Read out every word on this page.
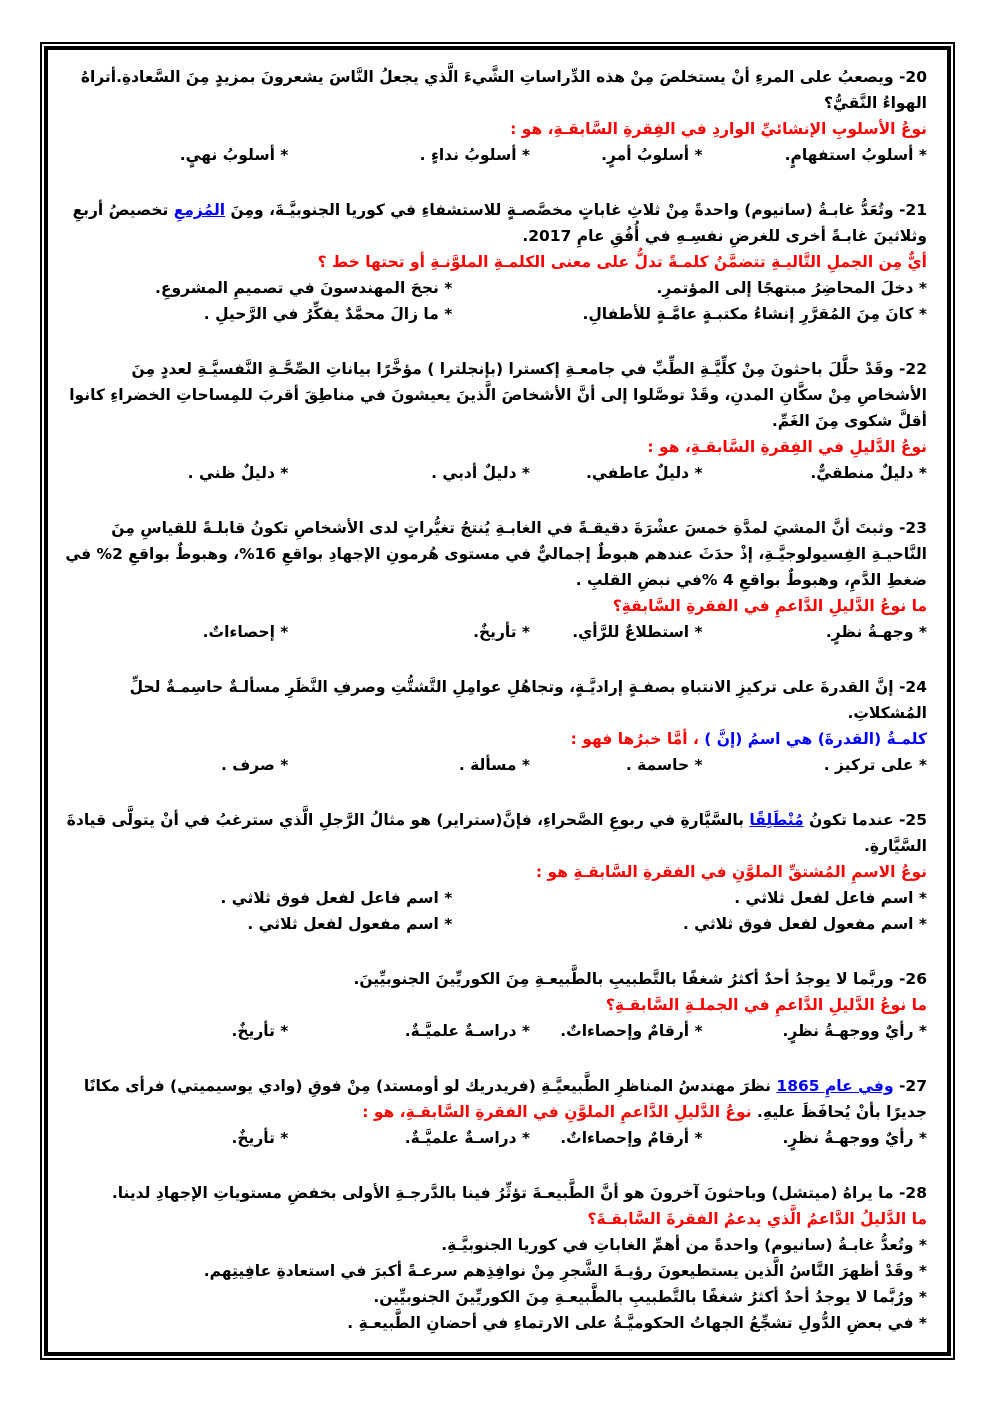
20- ويصعبُ على المرءِ أنْ يستخلصَ مِنْ هذه الدِّراساتِ الشَّيءَ الَّذي يجعلُ النَّاسَ يشعرونَ بمزيدٍ مِنَ السَّعادةِ.أتراهُ الهواءُ النَّقيُّ؟

نوعُ الأسلوبِ الإنشائيِّ الواردِ في الفِقرةِ السَّابقـةِ، هو :

* أسلوبُ استفهامٍ.
* أسلوبُ أمرٍ.
* أسلوبُ نداءٍ .
* أسلوبُ نهيٍ.

21- وتُعَدُّ غابـةُ (سانيوم) واحدةً مِنْ ثلاثِ غاباتٍ مخصَّصـةٍ للاستشفاءِ في كوريا الجنوبيَّـةَ، ومِنَ المُزمعِ تخصيصُ أربعِ وثلاثينَ غابـةً أخرى للغرضِ نفسِـهِ في أُفُقِ عامِ 2017.

أيٌّ مِن الجملِ التَّاليـةِ تتضمَّنُ كلمـةً تدلُّ على معنى الكلمـةِ الملوَّنـةِ أو تحتها خط ؟

* دخلَ المحاضِرُ مبتهجًا إلى المؤتمرِ.
* نجحَ المهندسونَ في تصميمِ المشروعِ.
* كانَ مِنَ المُقرَّرِ إنشاءُ مكتبـةٍ عامَّـةٍ للأطفالِ.
* ما زالَ محمَّدٌ يفكِّرُ في الرَّحيلِ .

22- وقَدْ حلَّلَ باحثونَ مِنْ كلِّيَّـةِ الطِّبِّ في جامعـةِ إكسترا (بإنجلترا ) مؤخَّرًا بياناتِ الصِّحَّـةِ النَّفسيَّـةِ لعددٍ مِنَ الأشخاصِ مِنْ سكَّانِ المدنِ، وقَدْ توصَّلوا إلى أنَّ الأشخاصَ الَّذينَ يعيشونَ في مناطِقَ أقربَ للمِساحاتِ الخضراءِ كانوا أقلَّ شكوى مِنَ الغَمِّ.

نوعُ الدَّليلِ في الفِقرةِ السَّابقـةِ، هو :

* دليلٌ منطقيٌّ.
* دليلٌ عاطفي.
* دليلٌ أدبي .
* دليلٌ ظني .

23- وثبتَ أنَّ المشيَ لمدَّةِ خمسَ عشْرَةَ دقيقـةً في الغابـةِ يُنتجُ تغيُّراتٍ لدى الأشخاصِ تكونُ قابلـةً للقياسِ مِنَ النَّاحيـةِ الفِسيولوجيَّـةِ، إذْ حدَثَ عندهم هبوطٌ إجماليٌّ في مستوى هُرمونِ الإجهادِ بواقعِ 16%، وهبوطٌ بواقعِ 2% في ضغطِ الدَّمِ، وهبوطٌ بواقعِ 4 %في نبضِ القلبِ .

ما نوعُ الدَّليلِ الدَّاعمِ في الفقرةِ السَّابقةِ؟

* وجهـةُ نظرٍ.
* استطلاعٌ للرَّأي.
* تأريخٌ.
* إحصاءاتٌ.

24- إنَّ القدرةَ على تركيزِ الانتباهِ بصفـةٍ إراديَّـةٍ، وتجاهُلِ عوامِلِ التَّشتُّتِ وصرفِ النَّظَرِ مسألـةٌ حاسِمـةٌ لحلِّ المُشكلاتِ.

كلمـةُ (القدرةَ) هي اسمُ (إنَّ ) ، أمَّا خبرُها فهو :

* على تركيز .
* حاسمة .
* مسألة .
* صرف .

25- عندما تكونُ مُنْطَلِقًا بالسَّيَّارةِ في ربوعِ الصَّحراءِ، فإنَّ(ستراير) هو مثالُ الرَّجلِ الَّذي سترغبُ في أنْ يتولَّى قيادةَ السَّيَّارةِ.

نوعُ الاسمِ المُشتقِّ الملوَّنِ في الفقرةِ السَّابقـةِ هو :

* اسم فاعل لفعل ثلاثي .
* اسم فاعل لفعل فوق ثلاثي .
* اسم مفعول لفعل فوق ثلاثي .
* اسم مفعول لفعل ثلاثي .

26- وربَّما لا يوجدُ أحدٌ أكثرُ شغفًا بالتَّطبيبِ بالطَّبيعـةِ مِنَ الكوريِّينَ الجنوبيِّينَ.

ما نوعُ الدَّليلِ الدَّاعمِ في الجملـةِ السَّابقـةِ؟

* رأيٌ ووجهـةُ نظرٍ.
* أرقامٌ وإحصاءاتٌ.
* دراسـةٌ علميَّـةٌ.
* تأريخٌ.

27- وفي عامِ 1865 نظرَ مهندسُ المناظرِ الطَّبيعيَّـةِ (فريدريك لو أومستد) مِنْ فوقِ (وادي يوسيميتي) فرأى مكانًا جديرًا بأنْ يُحافَظَ عليهِ. نوعُ الدَّليلِ الدَّاعمِ الملوَّنِ في الفقرةِ السَّابقـةِ، هو :

* رأيٌ ووجهـةُ نظرٍ.
* أرقامٌ وإحصاءاتٌ.
* دراسـةٌ علميَّـةٌ.
* تأريخٌ.

28- ما يراهُ (ميتشل) وباحثونَ آخرونَ هو أنَّ الطَّبيعـةَ تؤثِّرُ فينا بالدَّرجـةِ الأولى بخفضِ مستوياتِ الإجهادِ لدينا.

ما الدَّليلُ الدَّاعمُ الَّذي يدعمُ الفقرةَ السَّابقـةَ؟

* وتُعدُّ غابـةُ (سانيوم) واحدةً من أهمِّ الغاباتِ في كوريا الجنوبيَّـةِ.
* وقَدْ أظهرَ النَّاسُ الَّذين يستطيعونَ رؤيـةَ الشَّجرِ مِنْ نوافِذِهم سرعـةً أكبرَ في استعادةِ عافِيتِهم.
* ورُبَّما لا يوجدُ أحدٌ أكثرُ شغفًا بالتَّطبيبِ بالطَّبيعـةِ مِنَ الكوريِّينَ الجنوبيِّين.
* في بعضِ الدُّولِ تشجِّعُ الجهاتُ الحكوميَّـةُ على الارتماءِ في أحضانِ الطَّبيعـةِ .
